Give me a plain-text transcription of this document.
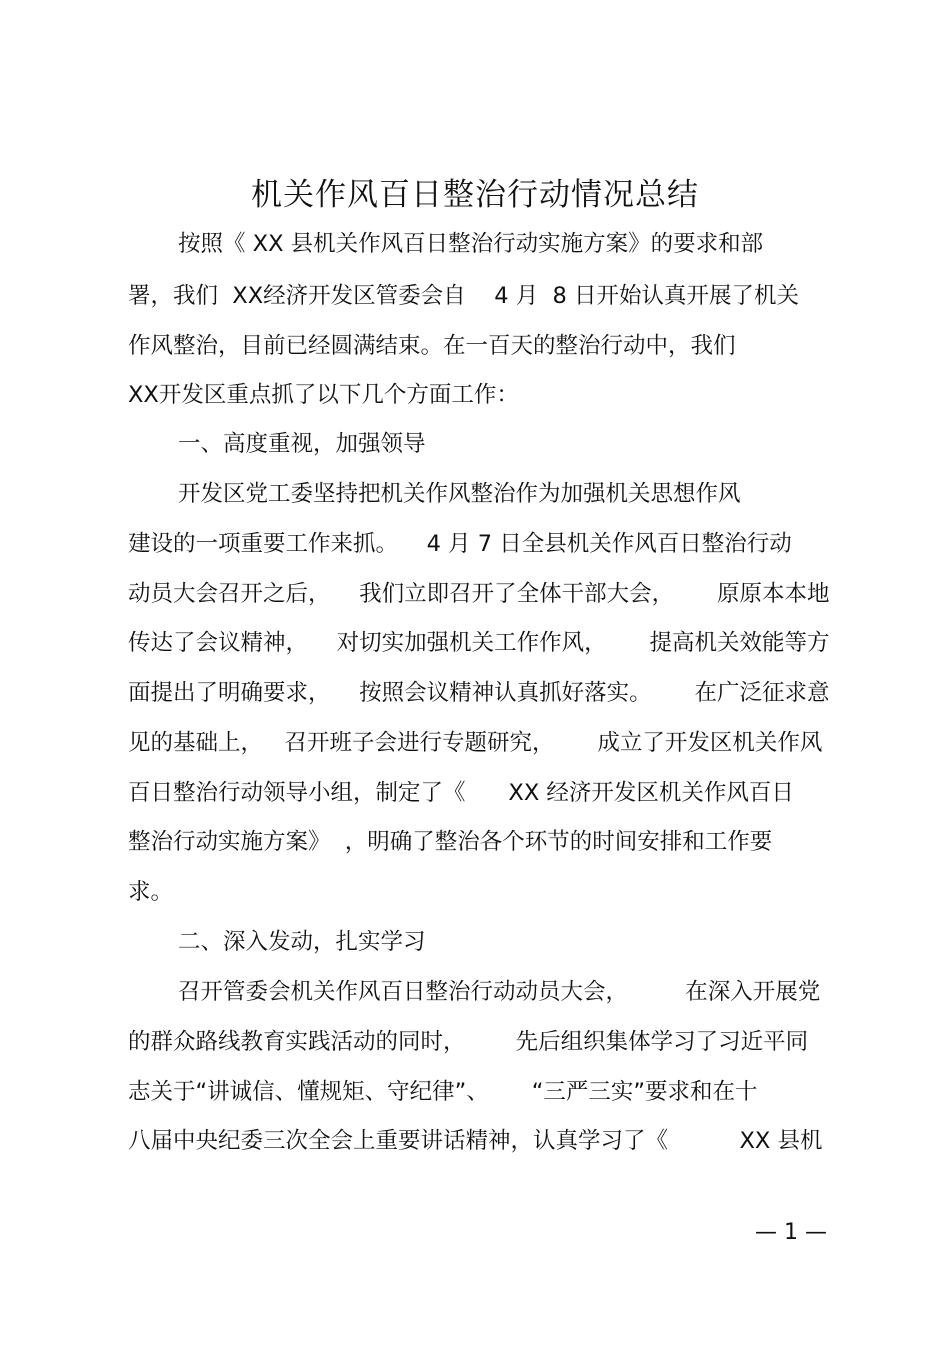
机关作风百日整治行动情况总结
按照《 XX 县机关作风百日整治行动实施方案》的要求和部
署，我们  XX经济开发区管委会自    4 月  8 日开始认真开展了机关
作风整治，目前已经圆满结束。在一百天的整治行动中，我们
XX开发区重点抓了以下几个方面工作：
一、高度重视，加强领导
开发区党工委坚持把机关作风整治作为加强机关思想作风
建设的一项重要工作来抓。    4 月 7 日全县机关作风百日整治行动
动员大会召开之后，    我们立即召开了全体干部大会，      原原本本地
传达了会议精神，    对切实加强机关工作作风，      提高机关效能等方
面提出了明确要求，    按照会议精神认真抓好落实。      在广泛征求意
见的基础上，   召开班子会进行专题研究，      成立了开发区机关作风
百日整治行动领导小组，制定了《      XX 经济开发区机关作风百日
整治行动实施方案》  ，明确了整治各个环节的时间安排和工作要
求。
二、深入发动，扎实学习
召开管委会机关作风百日整治行动动员大会，        在深入开展党
的群众路线教育实践活动的同时，       先后组织集体学习了习近平同
志关于“讲诚信、懂规矩、守纪律”、      “三严三实”要求和在十
八届中央纪委三次全会上重要讲话精神，认真学习了《          XX 县机
— 1 —
